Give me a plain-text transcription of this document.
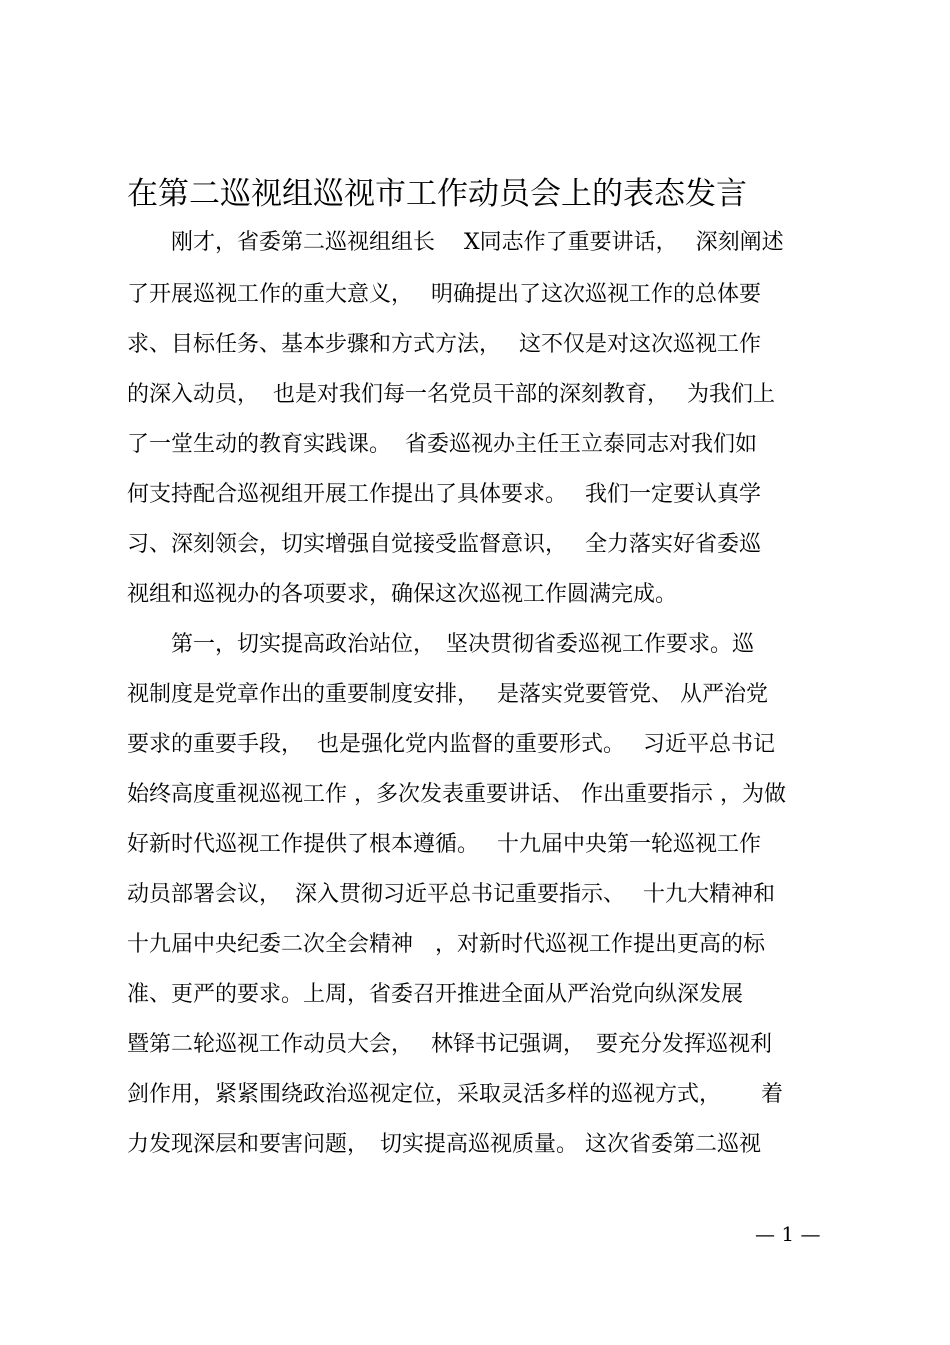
在第二巡视组巡视市工作动员会上的表态发言
　　刚才，省委第二巡视组组长　 X同志作了重要讲话，　 深刻阐述
了开展巡视工作的重大意义，　 明确提出了这次巡视工作的总体要
求、目标任务、基本步骤和方式方法，　 这不仅是对这次巡视工作
的深入动员，  也是对我们每一名党员干部的深刻教育，　 为我们上
了一堂生动的教育实践课。  省委巡视办主任王立泰同志对我们如
何支持配合巡视组开展工作提出了具体要求。　 我们一定要认真学
习、深刻领会，切实增强自觉接受监督意识，　 全力落实好省委巡
视组和巡视办的各项要求，确保这次巡视工作圆满完成。
　　第一，切实提高政治站位，　坚决贯彻省委巡视工作要求。巡
视制度是党章作出的重要制度安排，　 是落实党要管党、 从严治党
要求的重要手段，  也是强化党内监督的重要形式。　 习近平总书记
始终高度重视巡视工作 ，多次发表重要讲话、 作出重要指示 ，为做
好新时代巡视工作提供了根本遵循。　 十九届中央第一轮巡视工作
动员部署会议，  深入贯彻习近平总书记重要指示、　 十九大精神和
十九届中央纪委二次全会精神　，对新时代巡视工作提出更高的标
准、更严的要求。上周，省委召开推进全面从严治党向纵深发展
暨第二轮巡视工作动员大会，　 林铎书记强调，　要充分发挥巡视利
剑作用，紧紧围绕政治巡视定位，采取灵活多样的巡视方式，　　 着
力发现深层和要害问题，　切实提高巡视质量。 这次省委第二巡视
— 1 —
